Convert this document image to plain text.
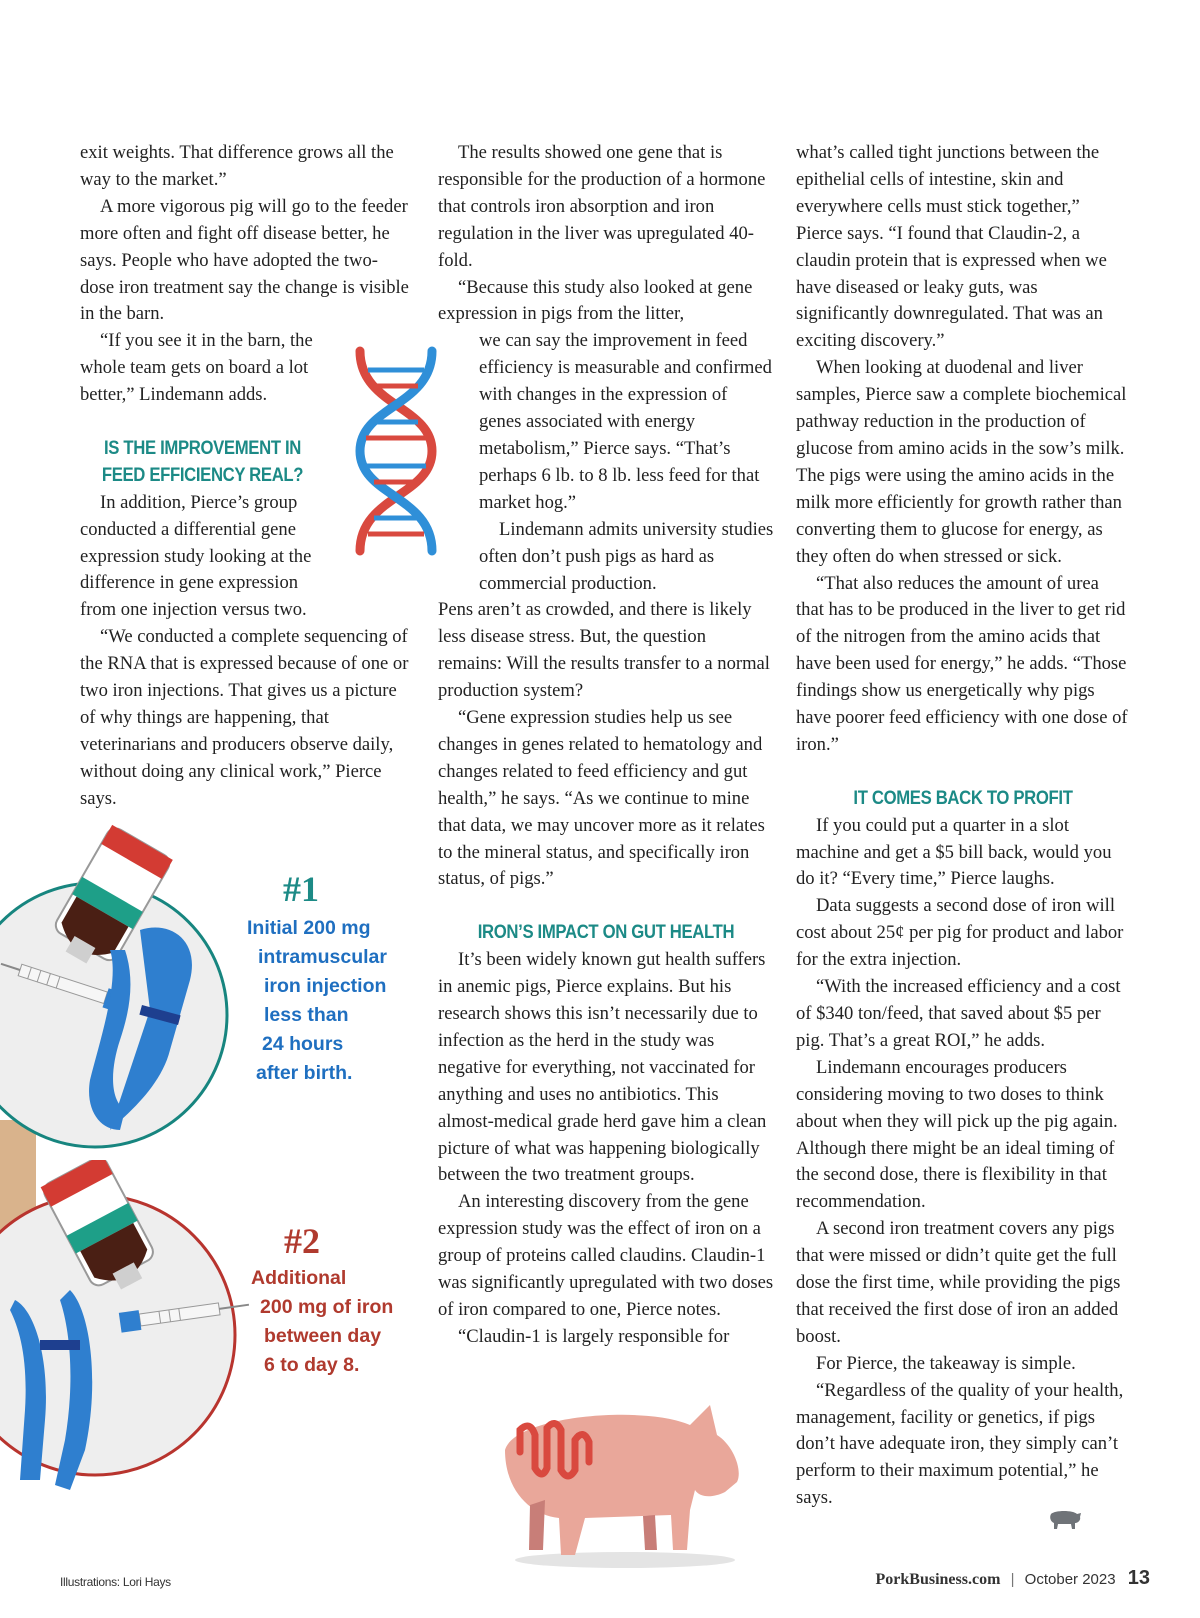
exit weights. That difference grows all the way to the market.”

A more vigorous pig will go to the feeder more often and fight off disease better, he says. People who have adopted the two-dose iron treatment say the change is visible in the barn.

“If you see it in the barn, the whole team gets on board a lot better,” Lindemann adds.

IS THE IMPROVEMENT IN FEED EFFICIENCY REAL?

In addition, Pierce’s group conducted a differential gene expression study looking at the difference in gene expression from one injection versus two.

“We conducted a complete sequencing of the RNA that is expressed because of one or two iron injections. That gives us a picture of why things are happening, that veterinarians and producers observe daily, without doing any clinical work,” Pierce says.

The results showed one gene that is responsible for the production of a hormone that controls iron absorption and iron regulation in the liver was upregulated 40-fold.

“Because this study also looked at gene expression in pigs from the litter,

we can say the improvement in feed efficiency is measurable and confirmed with changes in the expression of genes associated with energy metabolism,” Pierce says. “That’s perhaps 6 lb. to 8 lb. less feed for that market hog.”

Lindemann admits university studies often don’t push pigs as hard as commercial production.

Pens aren’t as crowded, and there is likely less disease stress. But, the question remains: Will the results transfer to a normal production system?

“Gene expression studies help us see changes in genes related to hematology and changes related to feed efficiency and gut health,” he says. “As we continue to mine that data, we may uncover more as it relates to the mineral status, and specifically iron status, of pigs.”

IRON’S IMPACT ON GUT HEALTH

It’s been widely known gut health suffers in anemic pigs, Pierce explains. But his research shows this isn’t necessarily due to infection as the herd in the study was negative for everything, not vaccinated for anything and uses no antibiotics. This almost-medical grade herd gave him a clean picture of what was happening biologically between the two treatment groups.

An interesting discovery from the gene expression study was the effect of iron on a group of proteins called claudins. Claudin-1 was significantly upregulated with two doses of iron compared to one, Pierce notes.

“Claudin-1 is largely responsible for

what’s called tight junctions between the epithelial cells of intestine, skin and everywhere cells must stick together,” Pierce says. “I found that Claudin-2, a claudin protein that is expressed when we have diseased or leaky guts, was significantly downregulated. That was an exciting discovery.”

When looking at duodenal and liver samples, Pierce saw a complete biochemical pathway reduction in the production of glucose from amino acids in the sow’s milk. The pigs were using the amino acids in the milk more efficiently for growth rather than converting them to glucose for energy, as they often do when stressed or sick.

“That also reduces the amount of urea that has to be produced in the liver to get rid of the nitrogen from the amino acids that have been used for energy,” he adds. “Those findings show us energetically why pigs have poorer feed efficiency with one dose of iron.”

IT COMES BACK TO PROFIT

If you could put a quarter in a slot machine and get a $5 bill back, would you do it? “Every time,” Pierce laughs.

Data suggests a second dose of iron will cost about 25¢ per pig for product and labor for the extra injection.

“With the increased efficiency and a cost of $340 ton/feed, that saved about $5 per pig. That’s a great ROI,” he adds.

Lindemann encourages producers considering moving to two doses to think about when they will pick up the pig again. Although there might be an ideal timing of the second dose, there is flexibility in that recommendation.

A second iron treatment covers any pigs that were missed or didn’t quite get the full dose the first time, while providing the pigs that received the first dose of iron an added boost.

For Pierce, the takeaway is simple.

“Regardless of the quality of your health, management, facility or genetics, if pigs don’t have adequate iron, they simply can’t perform to their maximum potential,” he says.

#1
Initial 200 mg
intramuscular
iron injection
less than
24 hours
after birth.
#2
Additional
200 mg of iron
between day
6 to day 8.
Illustrations: Lori Hays	PorkBusiness.com | October 2023 13
